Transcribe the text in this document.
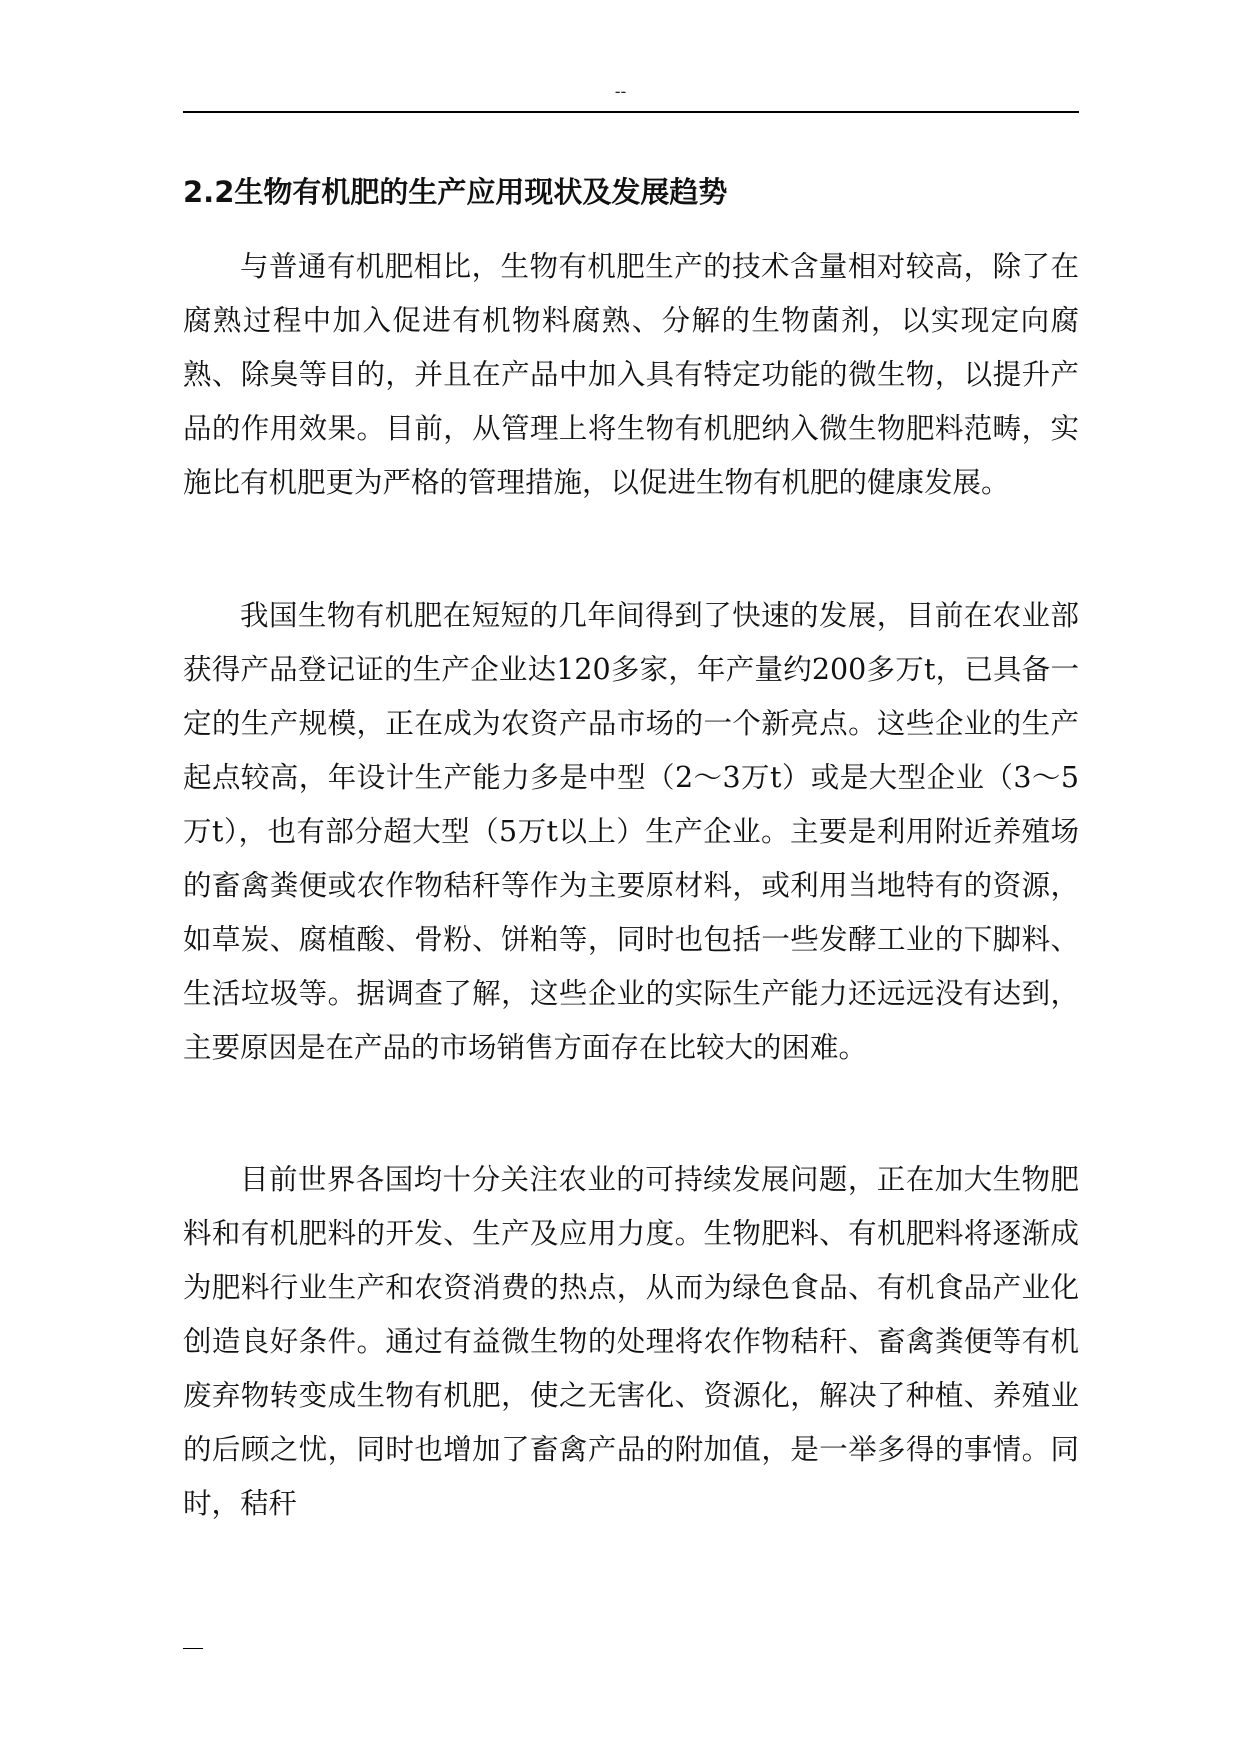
--
2.2生物有机肥的生产应用现状及发展趋势

与普通有机肥相比，生物有机肥生产的技术含量相对较高，除了在腐熟过程中加入促进有机物料腐熟、分解的生物菌剂，以实现定向腐熟、除臭等目的，并且在产品中加入具有特定功能的微生物，以提升产品的作用效果。目前，从管理上将生物有机肥纳入微生物肥料范畴，实施比有机肥更为严格的管理措施，以促进生物有机肥的健康发展。

我国生物有机肥在短短的几年间得到了快速的发展，目前在农业部获得产品登记证的生产企业达120多家，年产量约200多万t，已具备一定的生产规模，正在成为农资产品市场的一个新亮点。这些企业的生产起点较高，年设计生产能力多是中型（2～3万t）或是大型企业（3～5万t），也有部分超大型（5万t以上）生产企业。主要是利用附近养殖场的畜禽粪便或农作物秸秆等作为主要原材料，或利用当地特有的资源，如草炭、腐植酸、骨粉、饼粕等，同时也包括一些发酵工业的下脚料、生活垃圾等。据调查了解，这些企业的实际生产能力还远远没有达到，主要原因是在产品的市场销售方面存在比较大的困难。

目前世界各国均十分关注农业的可持续发展问题，正在加大生物肥料和有机肥料的开发、生产及应用力度。生物肥料、有机肥料将逐渐成为肥料行业生产和农资消费的热点，从而为绿色食品、有机食品产业化创造良好条件。通过有益微生物的处理将农作物秸秆、畜禽粪便等有机废弃物转变成生物有机肥，使之无害化、资源化，解决了种植、养殖业的后顾之忧，同时也增加了畜禽产品的附加值，是一举多得的事情。同时，秸秆
